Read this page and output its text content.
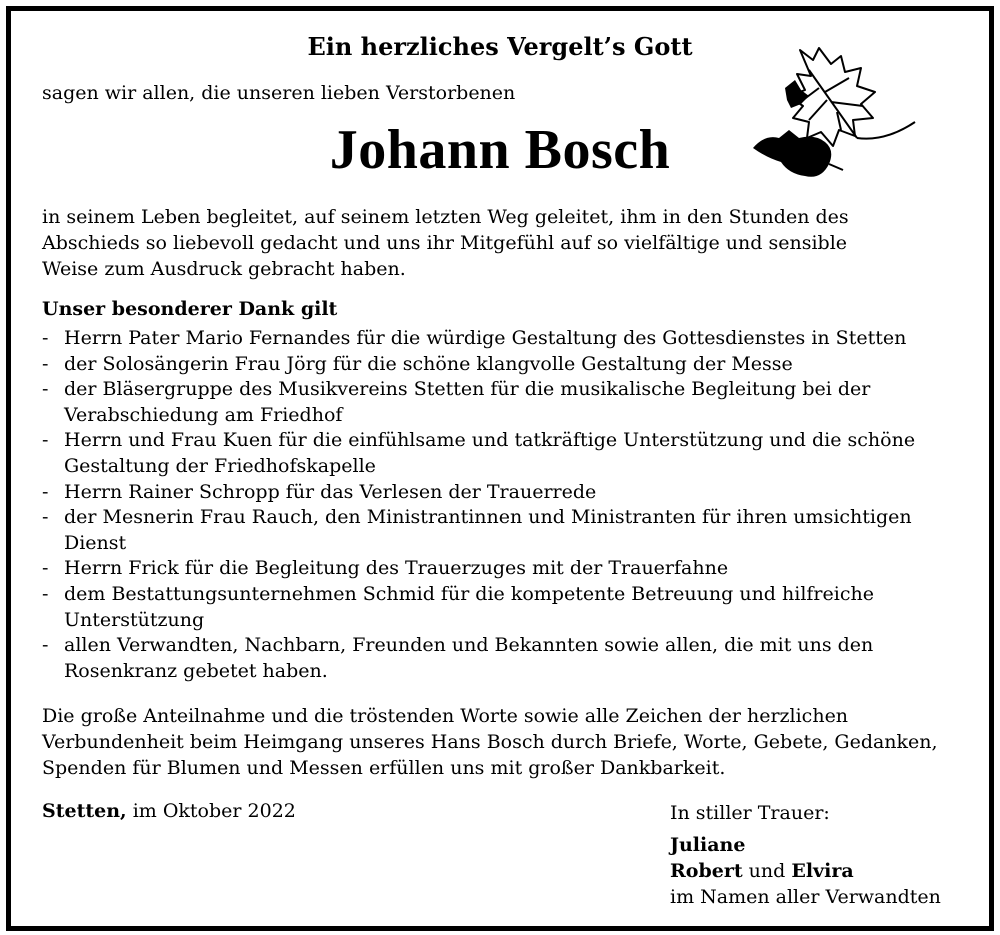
Ein herzliches Vergelt’s Gott
sagen wir allen, die unseren lieben Verstorbenen
Johann Bosch
in seinem Leben begleitet, auf seinem letzten Weg geleitet, ihm in den Stunden des
Abschieds so liebevoll gedacht und uns ihr Mitgefühl auf so vielfältige und sensible
Weise zum Ausdruck gebracht haben.
Unser besonderer Dank gilt
- Herrn Pater Mario Fernandes für die würdige Gestaltung des Gottesdienstes in Stetten
- der Solosängerin Frau Jörg für die schöne klangvolle Gestaltung der Messe
- der Bläsergruppe des Musikvereins Stetten für die musikalische Begleitung bei der
Verabschiedung am Friedhof
- Herrn und Frau Kuen für die einfühlsame und tatkräftige Unterstützung und die schöne
Gestaltung der Friedhofskapelle
- Herrn Rainer Schropp für das Verlesen der Trauerrede
- der Mesnerin Frau Rauch, den Ministrantinnen und Ministranten für ihren umsichtigen
Dienst
- Herrn Frick für die Begleitung des Trauerzuges mit der Trauerfahne
- dem Bestattungsunternehmen Schmid für die kompetente Betreuung und hilfreiche
Unterstützung
- allen Verwandten, Nachbarn, Freunden und Bekannten sowie allen, die mit uns den
Rosenkranz gebetet haben.
Die große Anteilnahme und die tröstenden Worte sowie alle Zeichen der herzlichen
Verbundenheit beim Heimgang unseres Hans Bosch durch Briefe, Worte, Gebete, Gedanken,
Spenden für Blumen und Messen erfüllen uns mit großer Dankbarkeit.
Stetten, im Oktober 2022	In stiller Trauer:
Juliane
Robert und Elvira
im Namen aller Verwandten
